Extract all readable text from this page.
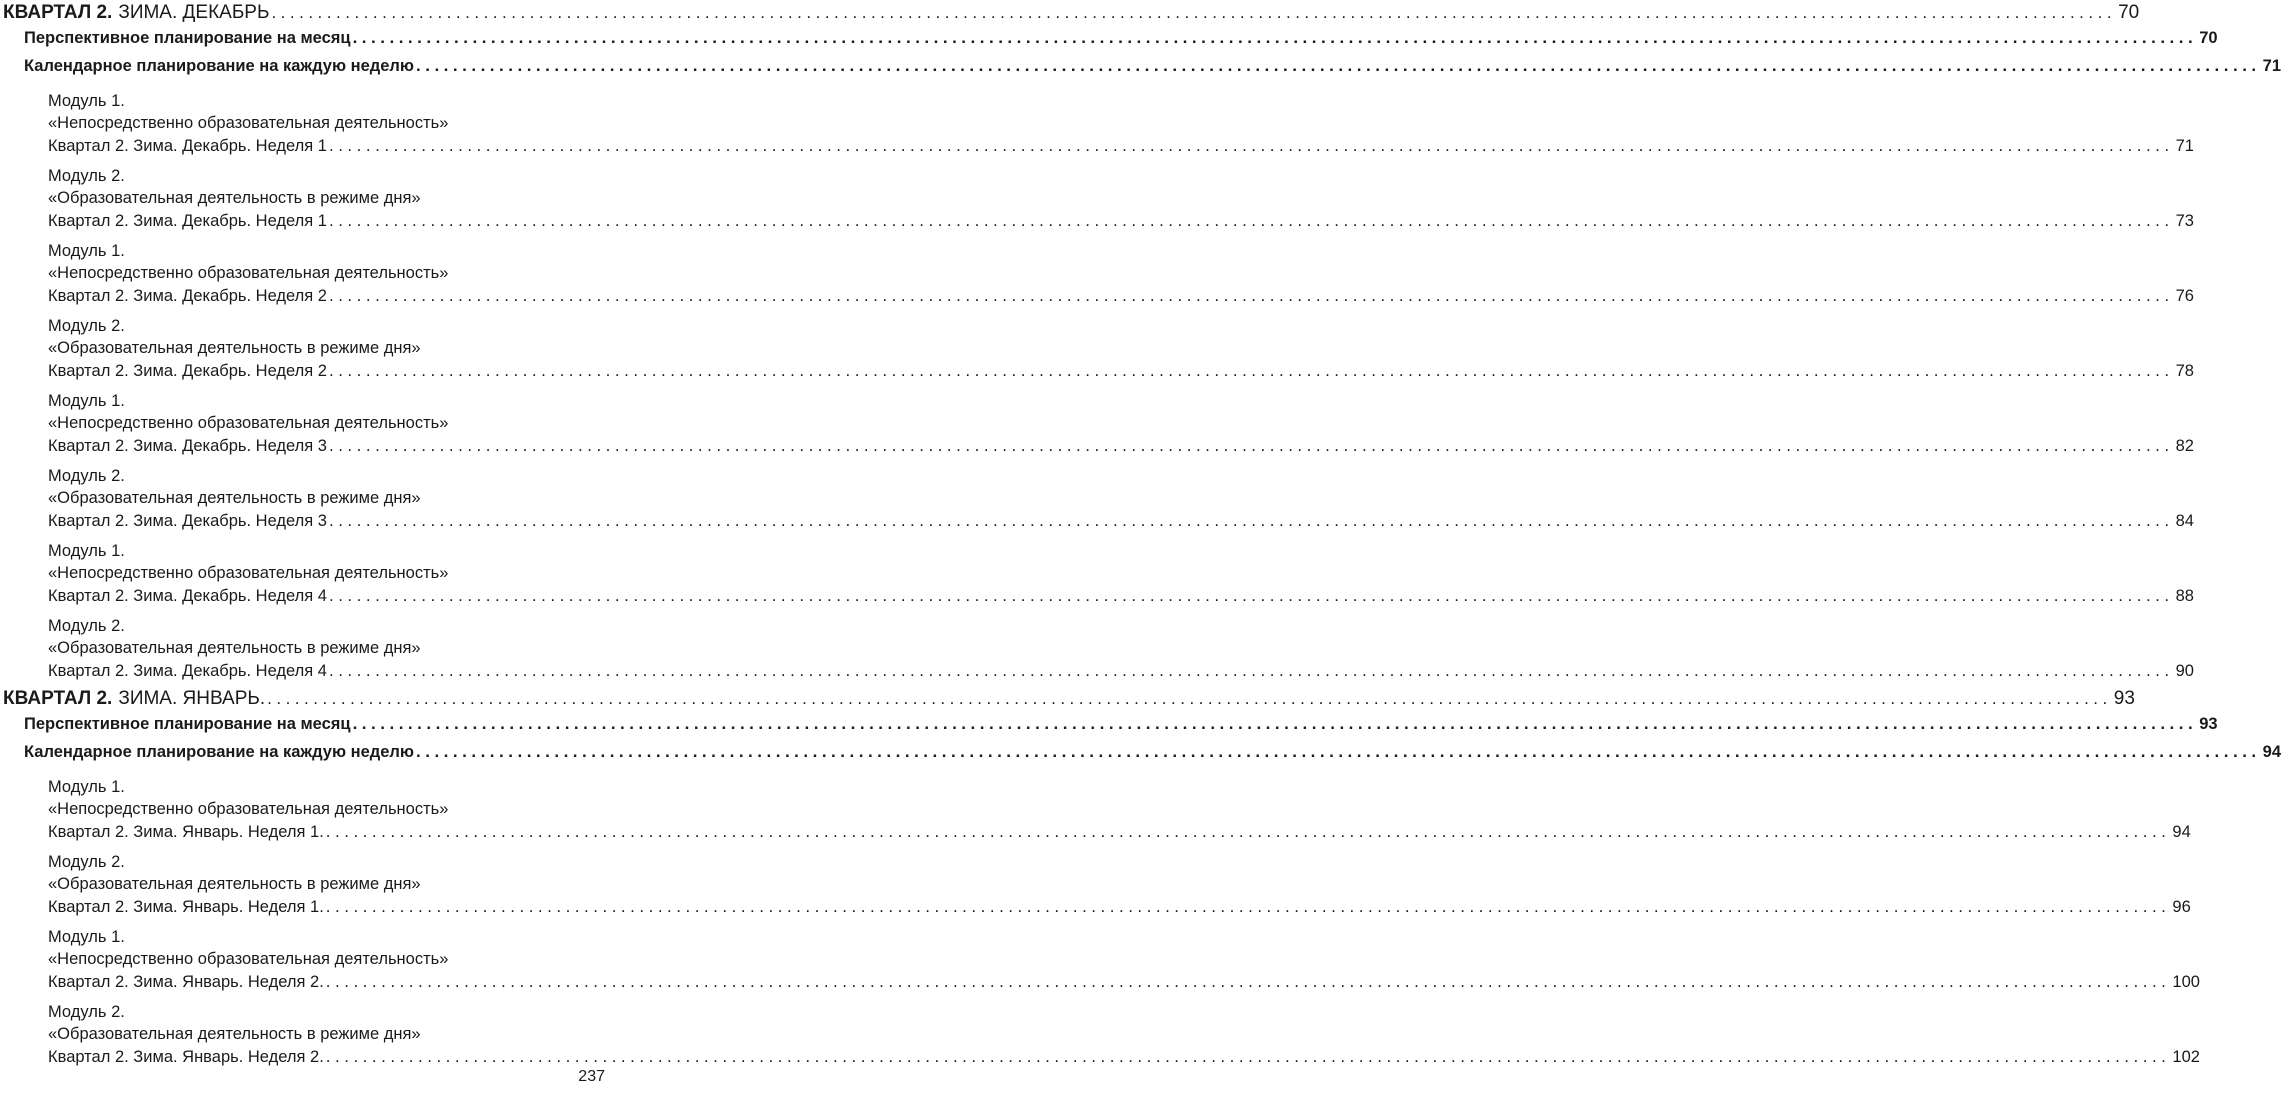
КВАРТАЛ 2. ЗИМА. ДЕКАБРЬ ........................................................................................................................................................................................................ 70
Перспективное планирование на месяц ........................................................................................................................................................................................................ 70
Календарное планирование на каждую неделю ........................................................................................................................................................................................................ 71
Модуль 1.
«Непосредственно образовательная деятельность»
Квартал 2. Зима. Декабрь. Неделя 1 ........................................................................................................................................................................................................ 71
Модуль 2.
«Образовательная деятельность в режиме дня»
Квартал 2. Зима. Декабрь. Неделя 1 ........................................................................................................................................................................................................ 73
Модуль 1.
«Непосредственно образовательная деятельность»
Квартал 2. Зима. Декабрь. Неделя 2 ........................................................................................................................................................................................................ 76
Модуль 2.
«Образовательная деятельность в режиме дня»
Квартал 2. Зима. Декабрь. Неделя 2 ........................................................................................................................................................................................................ 78
Модуль 1.
«Непосредственно образовательная деятельность»
Квартал 2. Зима. Декабрь. Неделя 3 ........................................................................................................................................................................................................ 82
Модуль 2.
«Образовательная деятельность в режиме дня»
Квартал 2. Зима. Декабрь. Неделя 3 ........................................................................................................................................................................................................ 84
Модуль 1.
«Непосредственно образовательная деятельность»
Квартал 2. Зима. Декабрь. Неделя 4 ........................................................................................................................................................................................................ 88
Модуль 2.
«Образовательная деятельность в режиме дня»
Квартал 2. Зима. Декабрь. Неделя 4 ........................................................................................................................................................................................................ 90
КВАРТАЛ 2. ЗИМА. ЯНВАРЬ. ........................................................................................................................................................................................................ 93
Перспективное планирование на месяц ........................................................................................................................................................................................................ 93
Календарное планирование на каждую неделю ........................................................................................................................................................................................................ 94
Модуль 1.
«Непосредственно образовательная деятельность»
Квартал 2. Зима. Январь. Неделя 1. ........................................................................................................................................................................................................ 94
Модуль 2.
«Образовательная деятельность в режиме дня»
Квартал 2. Зима. Январь. Неделя 1. ........................................................................................................................................................................................................ 96
Модуль 1.
«Непосредственно образовательная деятельность»
Квартал 2. Зима. Январь. Неделя 2. ........................................................................................................................................................................................................ 100
Модуль 2.
«Образовательная деятельность в режиме дня»
Квартал 2. Зима. Январь. Неделя 2. ........................................................................................................................................................................................................ 102
237
